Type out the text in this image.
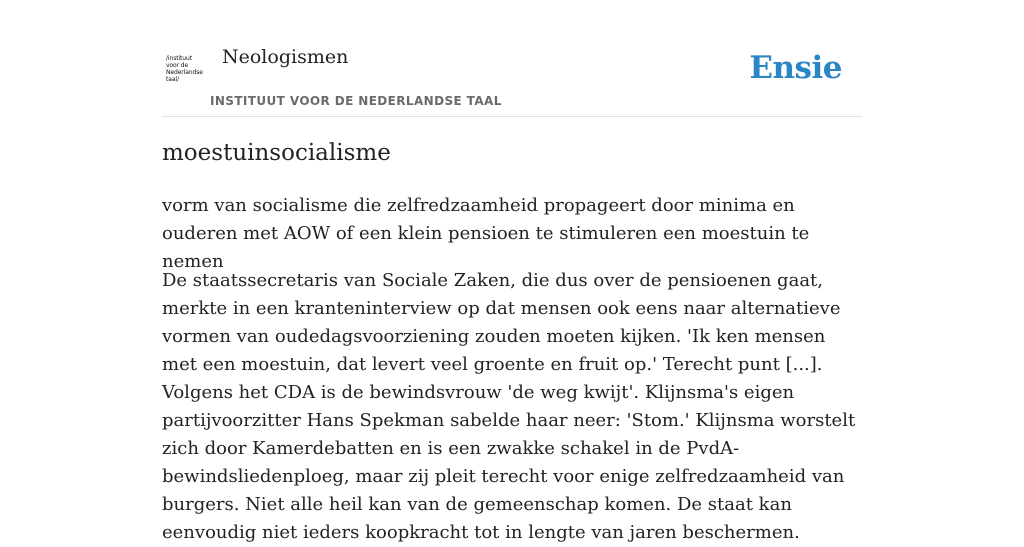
/instituut
voor de
Nederlandse
taal/
Neologismen
INSTITUUT VOOR DE NEDERLANDSE TAAL
Ensie
moestuinsocialisme

vorm van socialisme die zelfredzaamheid propageert door minima en ouderen met AOW of een klein pensioen te stimuleren een moestuin te nemen

De staatssecretaris van Sociale Zaken, die dus over de pensioenen gaat, merkte in een kranteninterview op dat mensen ook eens naar alternatieve vormen van oudedagsvoorziening zouden moeten kijken. 'Ik ken mensen met een moestuin, dat levert veel groente en fruit op.' Terecht punt [...]. Volgens het CDA is de bewindsvrouw 'de weg kwijt'. Klijnsma's eigen partijvoorzitter Hans Spekman sabelde haar neer: 'Stom.' Klijnsma worstelt zich door Kamerdebatten en is een zwakke schakel in de PvdA-bewindsliedenploeg, maar zij pleit terecht voor enige zelfredzaamheid van burgers. Niet alle heil kan van de gemeenschap komen. De staat kan eenvoudig niet ieders koopkracht tot in lengte van jaren beschermen.
